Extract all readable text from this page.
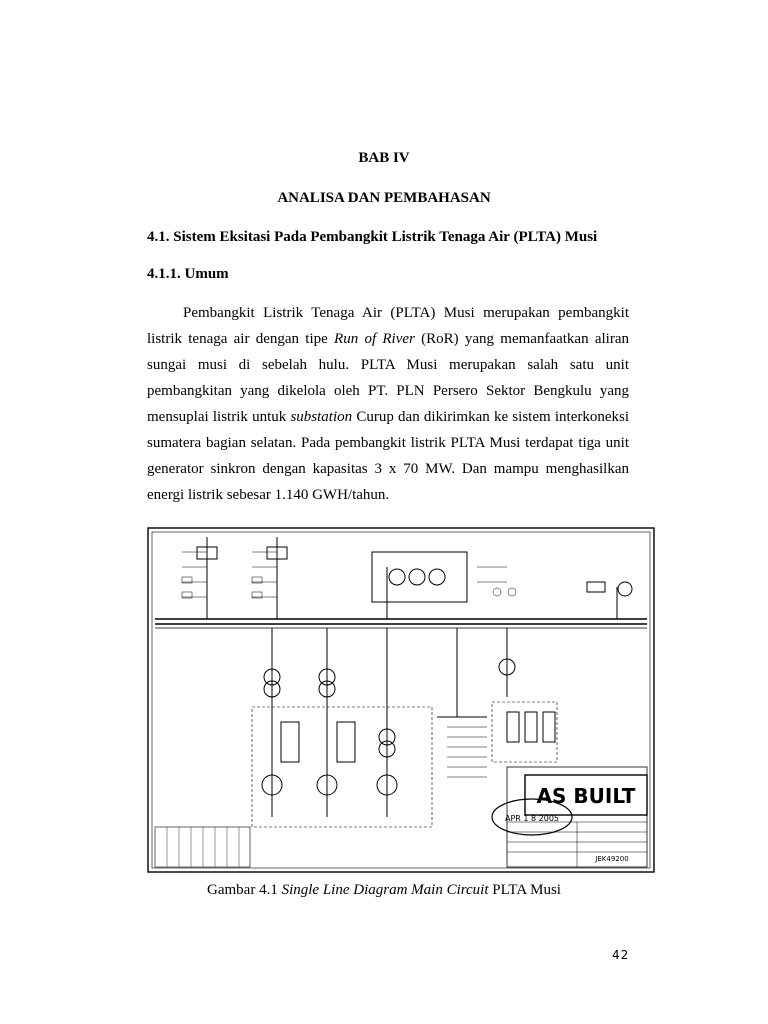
BAB IV
ANALISA DAN PEMBAHASAN
4.1. Sistem Eksitasi Pada Pembangkit Listrik Tenaga Air (PLTA) Musi
4.1.1. Umum

Pembangkit Listrik Tenaga Air (PLTA) Musi merupakan pembangkit listrik tenaga air dengan tipe Run of River (RoR) yang memanfaatkan aliran sungai musi di sebelah hulu. PLTA Musi merupakan salah satu unit pembangkitan yang dikelola oleh PT. PLN Persero Sektor Bengkulu yang mensuplai listrik untuk substation Curup dan dikirimkan ke sistem interkoneksi sumatera bagian selatan. Pada pembangkit listrik PLTA Musi terdapat tiga unit generator sinkron dengan kapasitas 3 x 70 MW. Dan mampu menghasilkan energi listrik sebesar 1.140 GWH/tahun.

AS BUILT
APR 1 8 2005
JEK49200
Gambar 4.1 Single Line Diagram Main Circuit PLTA Musi
42
